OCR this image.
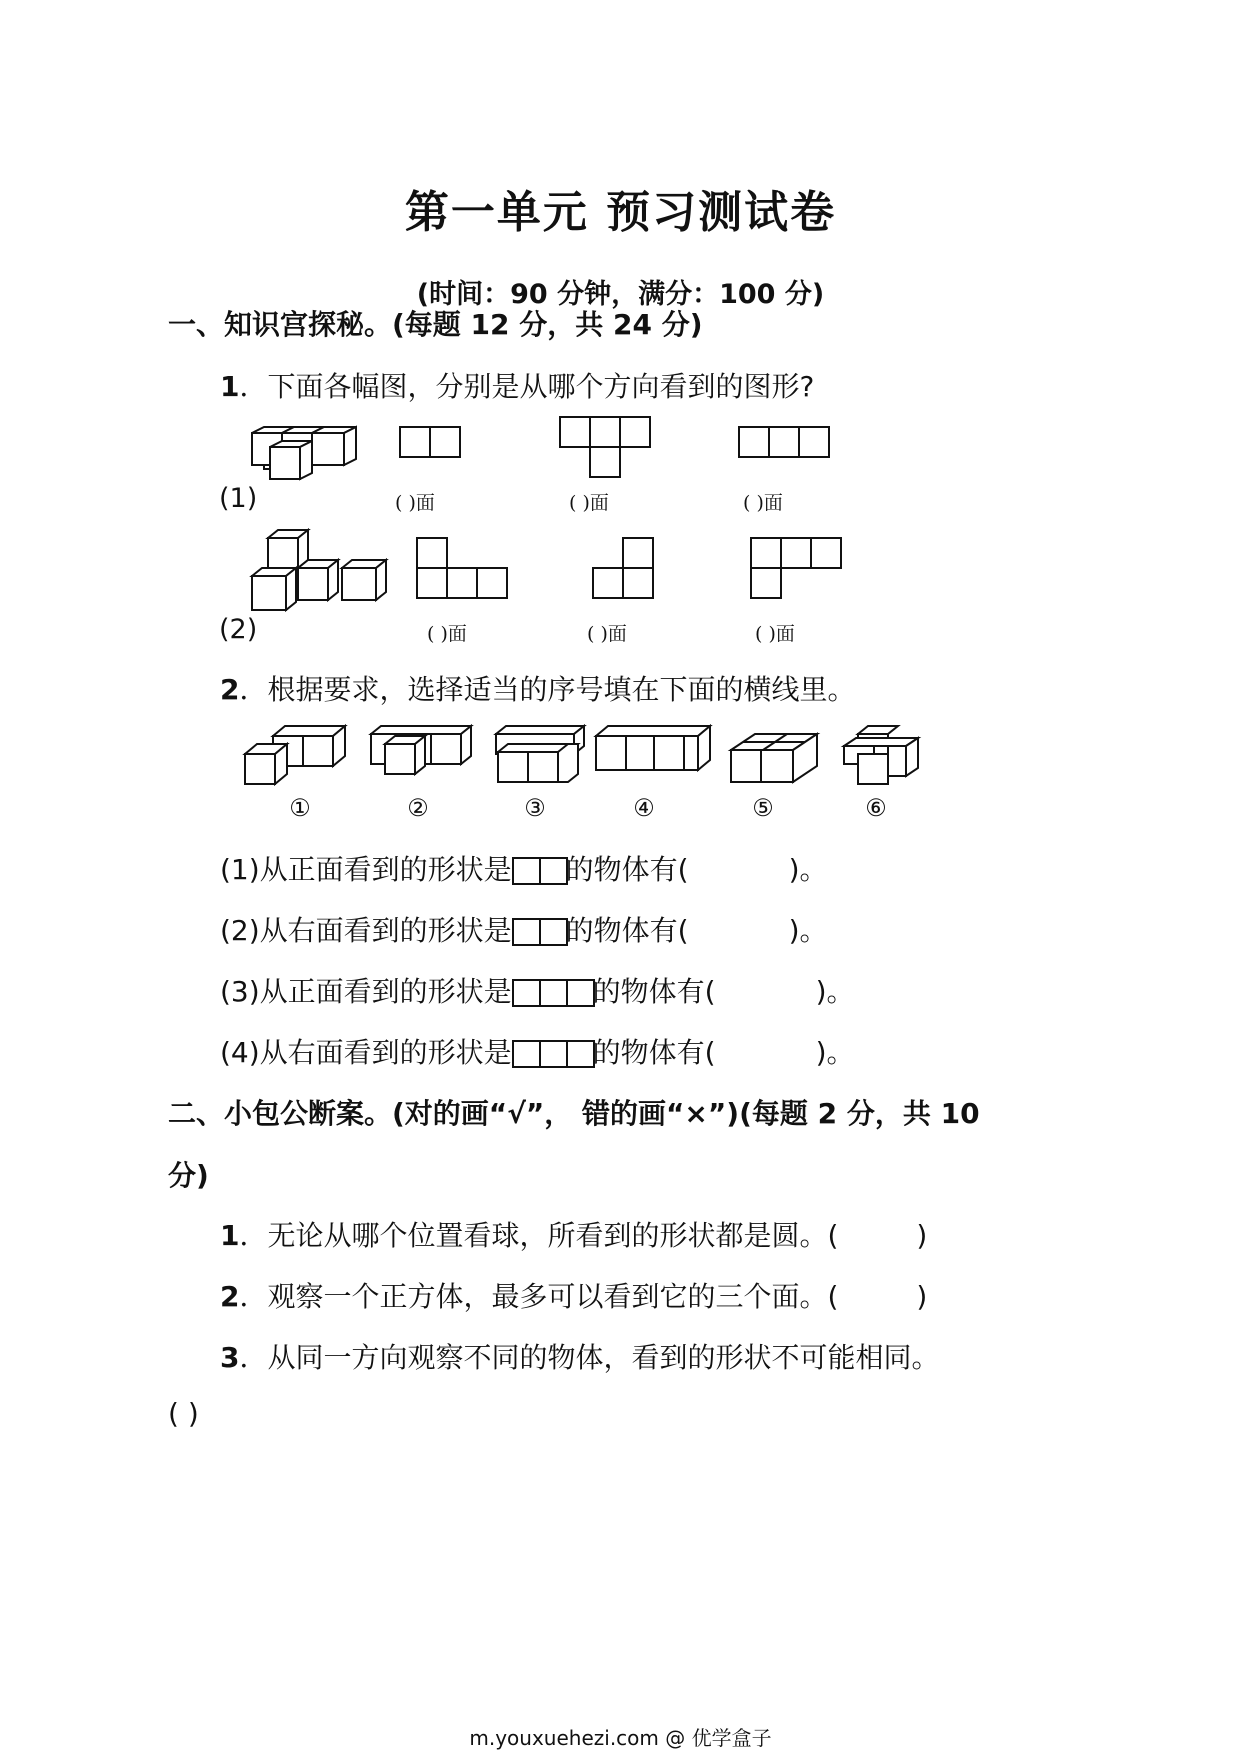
第一单元 预习测试卷
(时间：90 分钟，满分：100 分)
一、知识宫探秘。(每题 12 分，共 24 分)
1．下面各幅图，分别是从哪个方向看到的图形?
(1)	( )面	( )面	( )面
(2)	( )面	( )面	( )面
2．根据要求，选择适当的序号填在下面的横线里。
①	②	③	④	⑤	⑥
(1)从正面看到的形状是 的物体有(	)。
(2)从右面看到的形状是 的物体有(	)。
(3)从正面看到的形状是	的物体有(	)。
(4)从右面看到的形状是	的物体有(	)。
二、小包公断案。(对的画“√”， 错的画“×”)(每题 2 分，共 10
分)
1．无论从哪个位置看球，所看到的形状都是圆。(	)
2．观察一个正方体，最多可以看到它的三个面。(	)
3．从同一方向观察不同的物体，看到的形状不可能相同。
( )
m.youxuehezi.com @ 优学盒子
